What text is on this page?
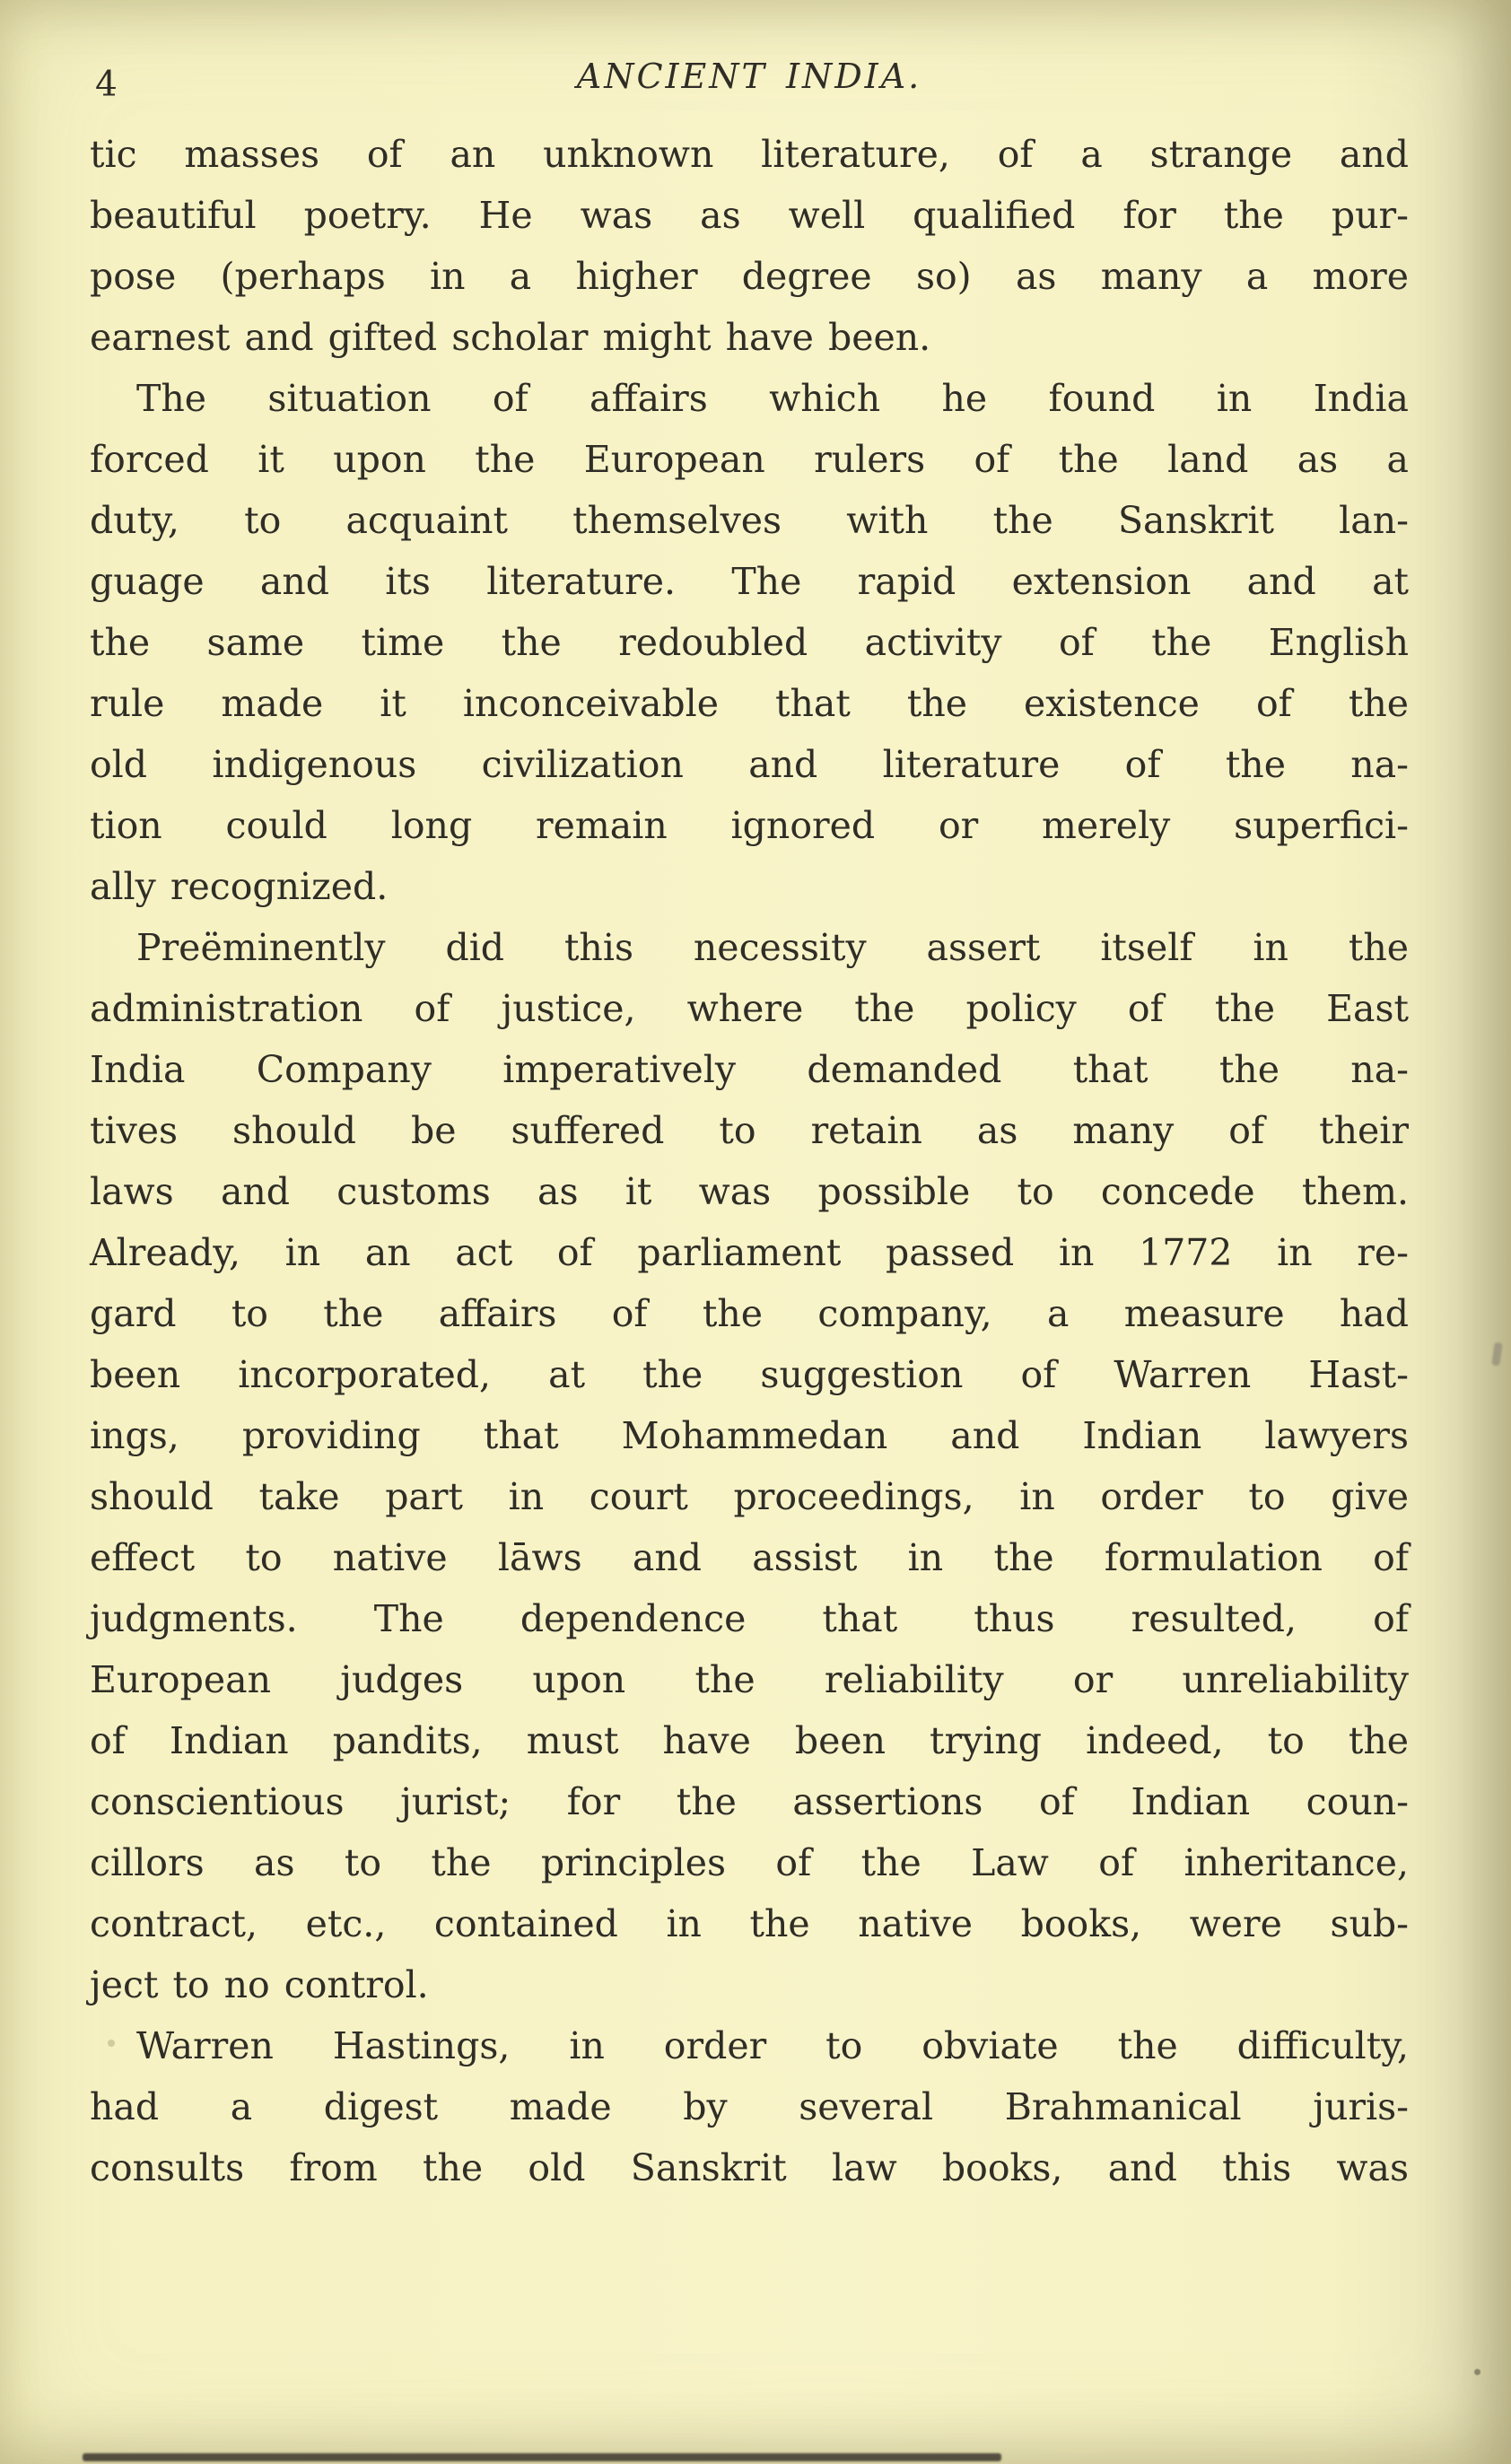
4	ANCIENT INDIA.
tic masses of an unknown literature, of a strange and
beautiful poetry. He was as well qualified for the pur-
pose (perhaps in a higher degree so) as many a more
earnest and gifted scholar might have been.
The situation of affairs which he found in India
forced it upon the European rulers of the land as a
duty, to acquaint themselves with the Sanskrit lan-
guage and its literature. The rapid extension and at
the same time the redoubled activity of the English
rule made it inconceivable that the existence of the
old indigenous civilization and literature of the na-
tion could long remain ignored or merely superfici-
ally recognized.
Preëminently did this necessity assert itself in the
administration of justice, where the policy of the East
India Company imperatively demanded that the na-
tives should be suffered to retain as many of their
laws and customs as it was possible to concede them.
Already, in an act of parliament passed in 1772 in re-
gard to the affairs of the company, a measure had
been incorporated, at the suggestion of Warren Hast-
ings, providing that Mohammedan and Indian lawyers
should take part in court proceedings, in order to give
effect to native lāws and assist in the formulation of
judgments. The dependence that thus resulted, of
European judges upon the reliability or unreliability
of Indian pandits, must have been trying indeed, to the
conscientious jurist; for the assertions of Indian coun-
cillors as to the principles of the Law of inheritance,
contract, etc., contained in the native books, were sub-
ject to no control.
Warren Hastings, in order to obviate the difficulty,
had a digest made by several Brahmanical juris-
consults from the old Sanskrit law books, and this was
